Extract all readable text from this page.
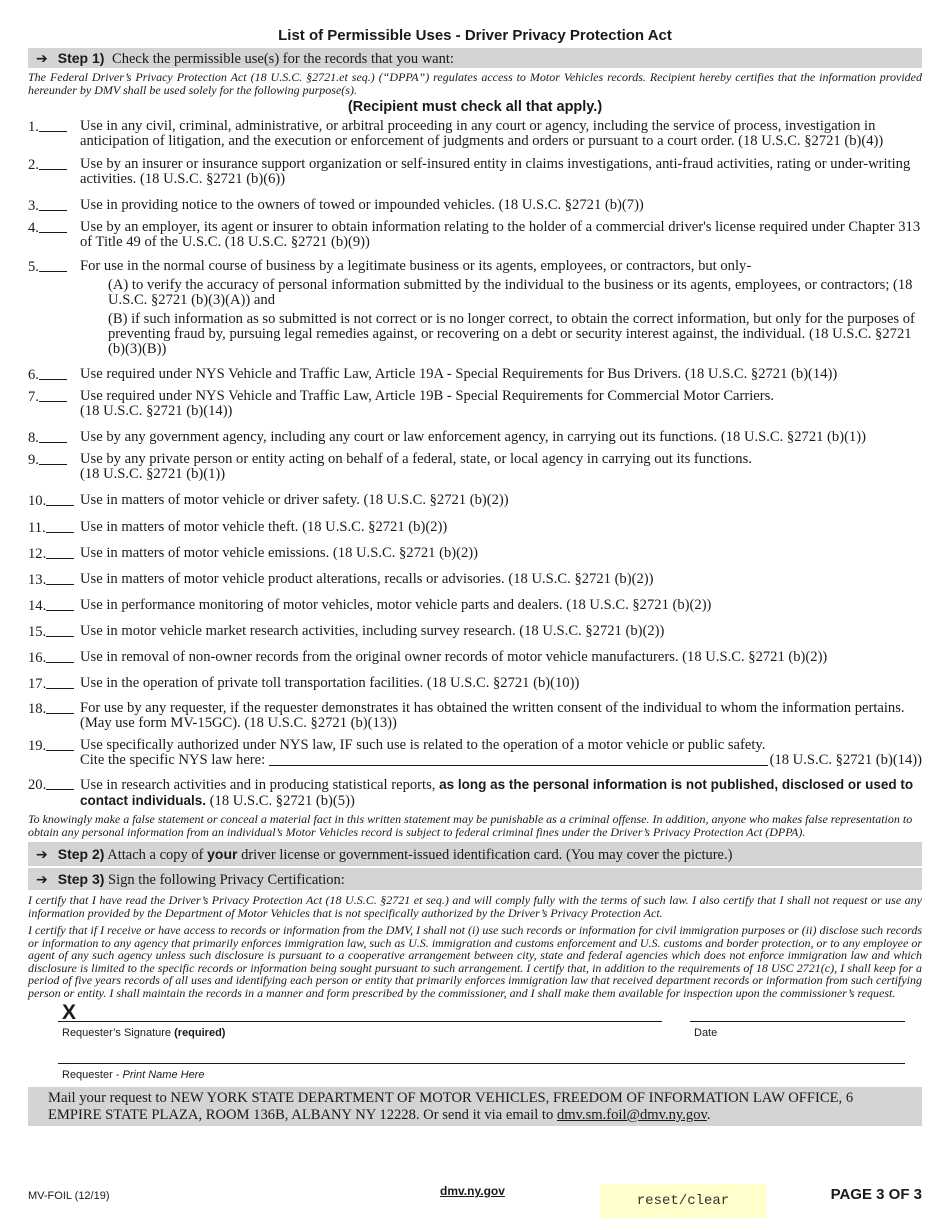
List of Permissible Uses - Driver Privacy Protection Act
➔ Step 1) Check the permissible use(s) for the records that you want:
The Federal Driver’s Privacy Protection Act (18 U.S.C. §2721.et seq.) (“DPPA”) regulates access to Motor Vehicles records. Recipient hereby certifies that the information provided hereunder by DMV shall be used solely for the following purpose(s).
(Recipient must check all that apply.)
1.	Use in any civil, criminal, administrative, or arbitral proceeding in any court or agency, including the service of process, investigation in anticipation of litigation, and the execution or enforcement of judgments and orders or pursuant to a court order. (18 U.S.C. §2721 (b)(4))
2.	Use by an insurer or insurance support organization or self-insured entity in claims investigations, anti-fraud activities, rating or under-writing activities. (18 U.S.C. §2721 (b)(6))
3.	Use in providing notice to the owners of towed or impounded vehicles. (18 U.S.C. §2721 (b)(7))
4.	Use by an employer, its agent or insurer to obtain information relating to the holder of a commercial driver's license required under Chapter 313 of Title 49 of the U.S.C. (18 U.S.C. §2721 (b)(9))
5.	For use in the normal course of business by a legitimate business or its agents, employees, or contractors, but only-
(A) to verify the accuracy of personal information submitted by the individual to the business or its agents, employees, or contractors; (18 U.S.C. §2721 (b)(3)(A)) and
(B) if such information as so submitted is not correct or is no longer correct, to obtain the correct information, but only for the purposes of preventing fraud by, pursuing legal remedies against, or recovering on a debt or security interest against, the individual. (18 U.S.C. §2721 (b)(3)(B))
6.	Use required under NYS Vehicle and Traffic Law, Article 19A - Special Requirements for Bus Drivers. (18 U.S.C. §2721 (b)(14))
7.	Use required under NYS Vehicle and Traffic Law, Article 19B - Special Requirements for Commercial Motor Carriers.
(18 U.S.C. §2721 (b)(14))
8.	Use by any government agency, including any court or law enforcement agency, in carrying out its functions. (18 U.S.C. §2721 (b)(1))
9.	Use by any private person or entity acting on behalf of a federal, state, or local agency in carrying out its functions.
(18 U.S.C. §2721 (b)(1))
10.	Use in matters of motor vehicle or driver safety. (18 U.S.C. §2721 (b)(2))
11.	Use in matters of motor vehicle theft. (18 U.S.C. §2721 (b)(2))
12.	Use in matters of motor vehicle emissions. (18 U.S.C. §2721 (b)(2))
13.	Use in matters of motor vehicle product alterations, recalls or advisories. (18 U.S.C. §2721 (b)(2))
14.	Use in performance monitoring of motor vehicles, motor vehicle parts and dealers. (18 U.S.C. §2721 (b)(2))
15.	Use in motor vehicle market research activities, including survey research. (18 U.S.C. §2721 (b)(2))
16.	Use in removal of non-owner records from the original owner records of motor vehicle manufacturers. (18 U.S.C. §2721 (b)(2))
17.	Use in the operation of private toll transportation facilities. (18 U.S.C. §2721 (b)(10))
18.	For use by any requester, if the requester demonstrates it has obtained the written consent of the individual to whom the information pertains. (May use form MV-15GC). (18 U.S.C. §2721 (b)(13))
19.	Use specifically authorized under NYS law, IF such use is related to the operation of a motor vehicle or public safety.
Cite the specific NYS law here:	(18 U.S.C. §2721 (b)(14))
20.	Use in research activities and in producing statistical reports, as long as the personal information is not published, disclosed or used to contact individuals. (18 U.S.C. §2721 (b)(5))
To knowingly make a false statement or conceal a material fact in this written statement may be punishable as a criminal offense. In addition, anyone who makes false representation to obtain any personal information from an individual’s Motor Vehicles record is subject to federal criminal fines under the Driver’s Privacy Protection Act (DPPA).
➔ Step 2) Attach a copy of your driver license or government-issued identification card. (You may cover the picture.)
➔ Step 3) Sign the following Privacy Certification:
I certify that I have read the Driver’s Privacy Protection Act (18 U.S.C. §2721 et seq.) and will comply fully with the terms of such law. I also certify that I shall not request or use any information provided by the Department of Motor Vehicles that is not specifically authorized by the Driver’s Privacy Protection Act.
I certify that if I receive or have access to records or information from the DMV, I shall not (i) use such records or information for civil immigration purposes or (ii) disclose such records or information to any agency that primarily enforces immigration law, such as U.S. immigration and customs enforcement and U.S. customs and border protection, or to any employee or agent of any such agency unless such disclosure is pursuant to a cooperative arrangement between city, state and federal agencies which does not enforce immigration law and which disclosure is limited to the specific records or information being sought pursuant to such arrangement. I certify that, in addition to the requirements of 18 USC 2721(c), I shall keep for a period of five years records of all uses and identifying each person or entity that primarily enforces immigration law that received department records or information from such certifying person or entity. I shall maintain the records in a manner and form prescribed by the commissioner, and I shall make them available for inspection upon the commissioner’s request.
X
Requester’s Signature (required)	Date
Requester - Print Name Here
Mail your request to NEW YORK STATE DEPARTMENT OF MOTOR VEHICLES, FREEDOM OF INFORMATION LAW OFFICE, 6 EMPIRE STATE PLAZA, ROOM 136B, ALBANY NY 12228. Or send it via email to dmv.sm.foil@dmv.ny.gov.
MV-FOIL (12/19)	dmv.ny.gov
reset/clear	PAGE 3 OF 3
